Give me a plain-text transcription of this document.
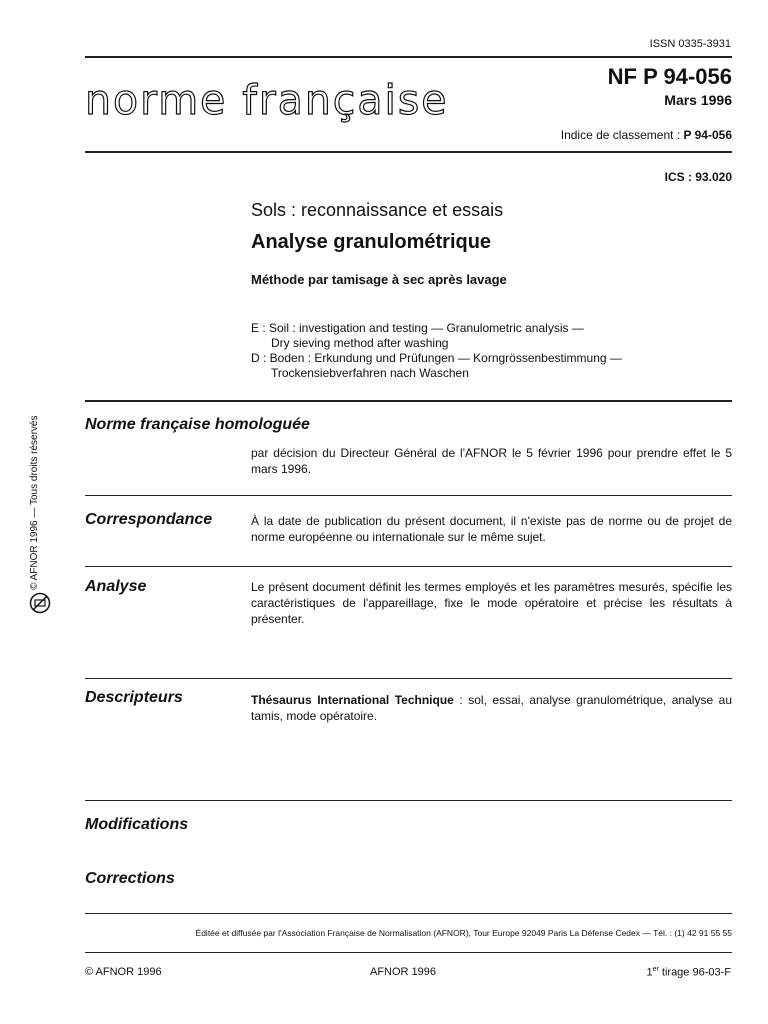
ISSN 0335-3931
norme française	NF P 94-056
Mars 1996
Indice de classement : P 94-056
ICS : 93.020
Sols : reconnaissance et essais
Analyse granulométrique
Méthode par tamisage à sec après lavage
E : Soil : investigation and testing — Granulometric analysis —
Dry sieving method after washing
D : Boden : Erkundung und Prüfungen — Korngrössenbestimmung —
Trockensiebverfahren nach Waschen
Norme française homologuée
par décision du Directeur Général de l'AFNOR le 5 février 1996 pour prendre effet le 5 mars 1996.
Correspondance	À la date de publication du présent document, il n'existe pas de norme ou de projet de norme européenne ou internationale sur le même sujet.
Analyse	Le présent document définit les termes employés et les paramètres mesurés, spécifie les caractéristiques de l'appareillage, fixe le mode opératoire et précise les résultats à présenter.
Descripteurs	Thésaurus International Technique : sol, essai, analyse granulométrique, analyse au tamis, mode opératoire.
Modifications
Corrections
Éditée et diffusée par l'Association Française de Normalisation (AFNOR), Tour Europe 92049 Paris La Défense Cedex — Tél. : (1) 42 91 55 55
© AFNOR 1996	AFNOR 1996	1er tirage 96-03-F
© AFNOR 1996 — Tous droits réservés
